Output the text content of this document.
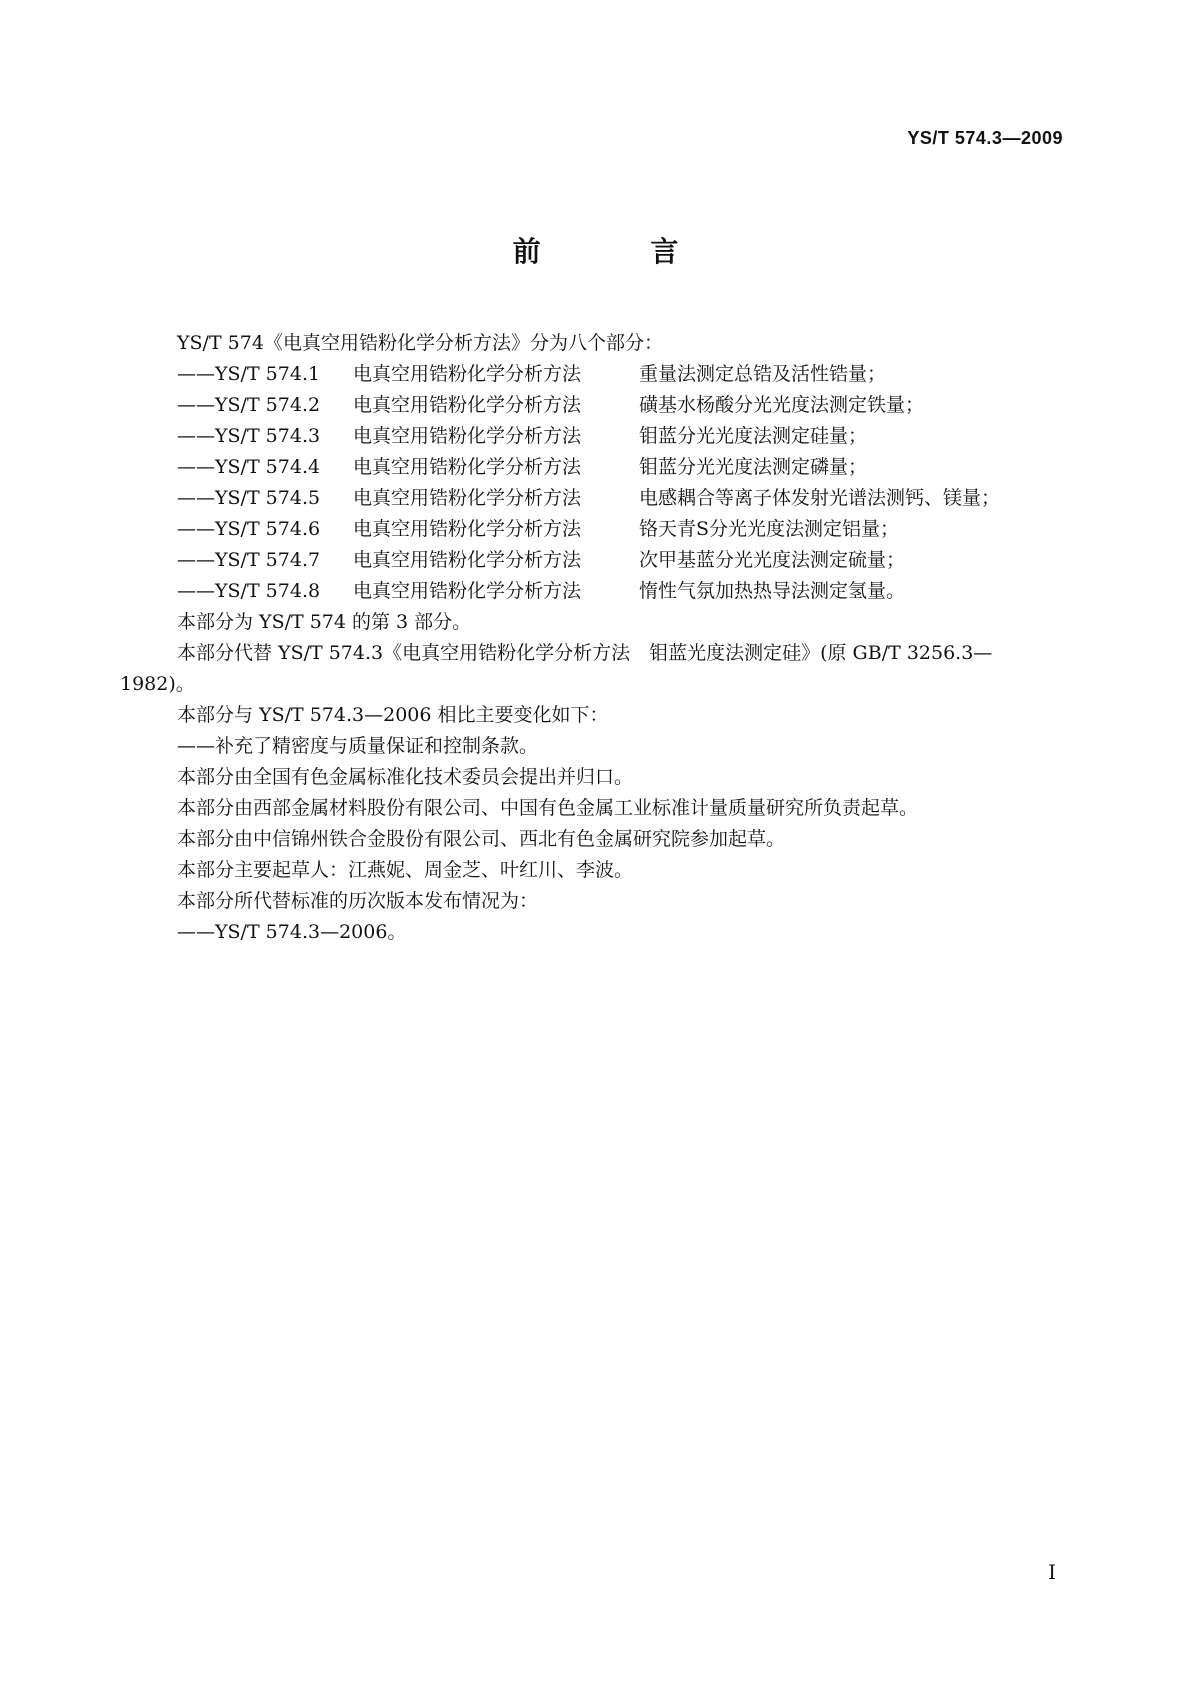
YS/T 574.3—2009
前 言

YS/T 574《电真空用锆粉化学分析方法》分为八个部分：

——YS/T 574.1 电真空用锆粉化学分析方法	重量法测定总锆及活性锆量；

——YS/T 574.2 电真空用锆粉化学分析方法	磺基水杨酸分光光度法测定铁量；

——YS/T 574.3 电真空用锆粉化学分析方法	钼蓝分光光度法测定硅量；

——YS/T 574.4 电真空用锆粉化学分析方法	钼蓝分光光度法测定磷量；

——YS/T 574.5 电真空用锆粉化学分析方法	电感耦合等离子体发射光谱法测钙、镁量；

——YS/T 574.6 电真空用锆粉化学分析方法	铬天青S分光光度法测定铝量；

——YS/T 574.7 电真空用锆粉化学分析方法	次甲基蓝分光光度法测定硫量；

——YS/T 574.8 电真空用锆粉化学分析方法	惰性气氛加热热导法测定氢量。

本部分为 YS/T 574 的第 3 部分。

本部分代替 YS/T 574.3《电真空用锆粉化学分析方法　钼蓝光度法测定硅》(原 GB/T 3256.3—

1982)。

本部分与 YS/T 574.3—2006 相比主要变化如下：

——补充了精密度与质量保证和控制条款。

本部分由全国有色金属标准化技术委员会提出并归口。

本部分由西部金属材料股份有限公司、中国有色金属工业标准计量质量研究所负责起草。

本部分由中信锦州铁合金股份有限公司、西北有色金属研究院参加起草。

本部分主要起草人：江燕妮、周金芝、叶红川、李波。

本部分所代替标准的历次版本发布情况为：

——YS/T 574.3—2006。

I
